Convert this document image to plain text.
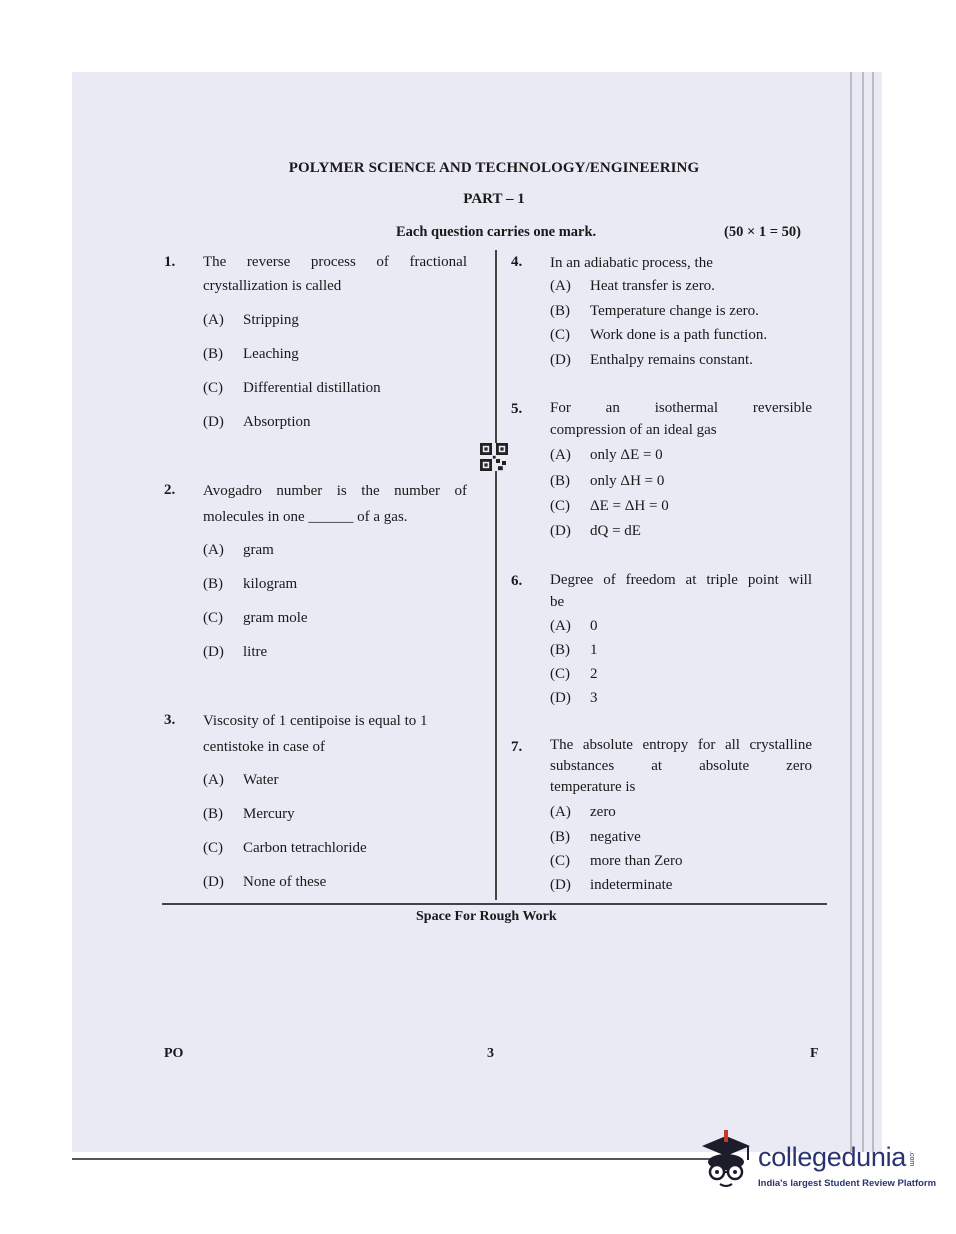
POLYMER SCIENCE AND TECHNOLOGY/ENGINEERING
PART – 1
Each question carries one mark.	(50 × 1 = 50)
1. The reverse process of fractional
crystallization is called
(A) Stripping
(B) Leaching
(C) Differential distillation
(D) Absorption
2. Avogadro number is the number of
molecules in one ______ of a gas.
(A) gram
(B) kilogram
(C) gram mole
(D) litre
3. Viscosity of 1 centipoise is equal to 1
centistoke in case of
(A) Water
(B) Mercury
(C) Carbon tetrachloride
(D) None of these
4. In an adiabatic process, the
(A) Heat transfer is zero.
(B) Temperature change is zero.
(C) Work done is a path function.
(D) Enthalpy remains constant.
5. For an isothermal reversible
compression of an ideal gas
(A) only ΔE = 0
(B) only ΔH = 0
(C) ΔE = ΔH = 0
(D) dQ = dE
6. Degree of freedom at triple point will
be
(A) 0
(B) 1
(C) 2
(D) 3
7. The absolute entropy for all crystalline
substances at absolute zero
temperature is
(A) zero
(B) negative
(C) more than Zero
(D) indeterminate
Space For Rough Work
PO	3	F
collegedunia .com
India's largest Student Review Platform
